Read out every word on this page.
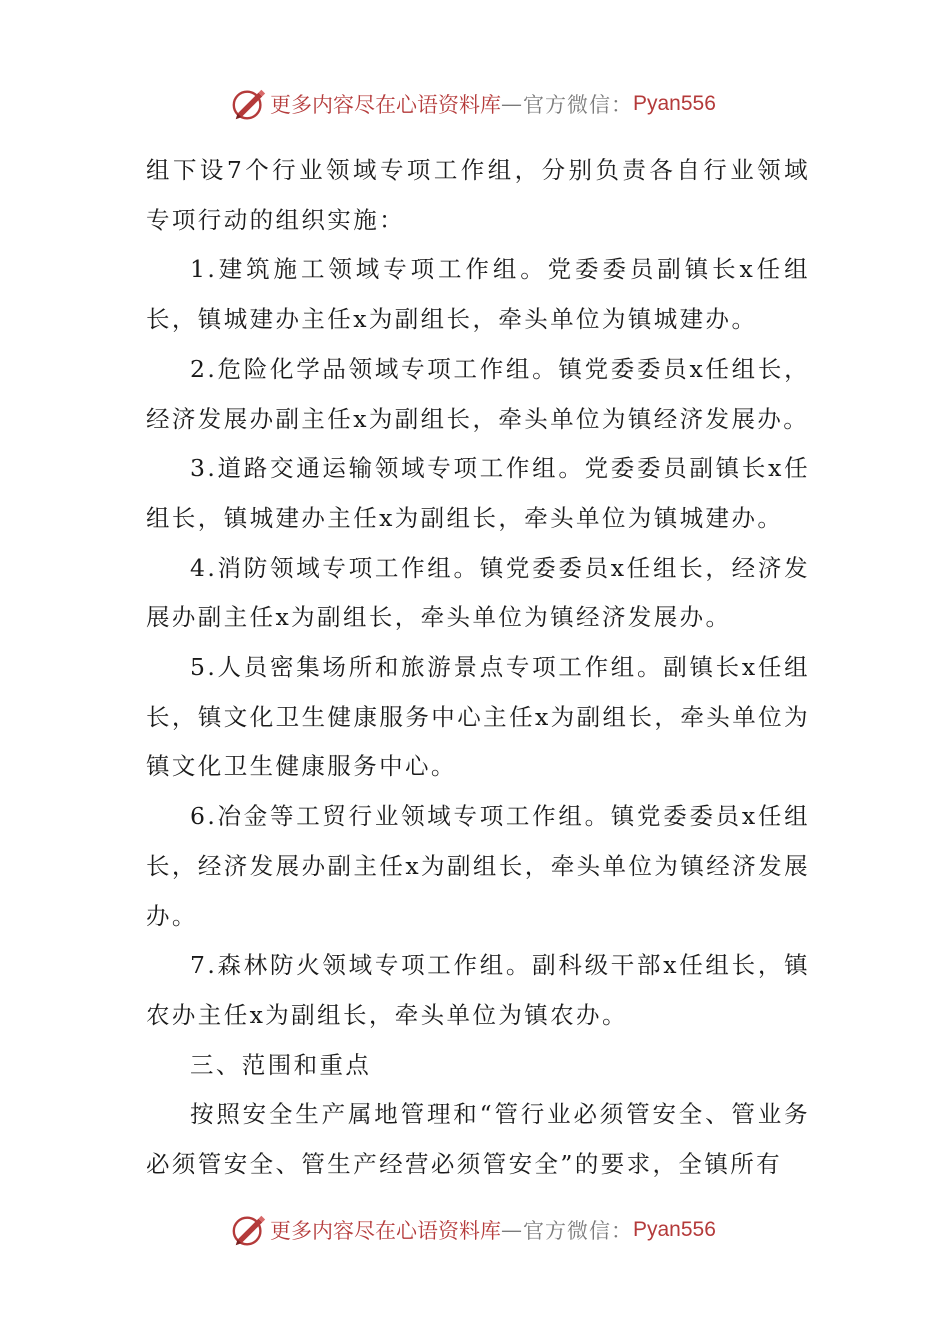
更多内容尽在心语资料库 — 官方微信： Pyan556

组下设7个行业领域专项工作组，分别负责各自行业领域专项行动的组织实施：

1.建筑施工领域专项工作组。党委委员副镇长x任组长，镇城建办主任x为副组长，牵头单位为镇城建办。

2.危险化学品领域专项工作组。镇党委委员x任组长，经济发展办副主任x为副组长，牵头单位为镇经济发展办。

3.道路交通运输领域专项工作组。党委委员副镇长x任组长，镇城建办主任x为副组长，牵头单位为镇城建办。

4.消防领域专项工作组。镇党委委员x任组长，经济发展办副主任x为副组长，牵头单位为镇经济发展办。

5.人员密集场所和旅游景点专项工作组。副镇长x任组长，镇文化卫生健康服务中心主任x为副组长，牵头单位为镇文化卫生健康服务中心。

6.冶金等工贸行业领域专项工作组。镇党委委员x任组长，经济发展办副主任x为副组长，牵头单位为镇经济发展办。

7.森林防火领域专项工作组。副科级干部x任组长，镇农办主任x为副组长，牵头单位为镇农办。

三、范围和重点

按照安全生产属地管理和“管行业必须管安全、管业务必须管安全、管生产经营必须管安全”的要求，全镇所有

更多内容尽在心语资料库 — 官方微信： Pyan556
